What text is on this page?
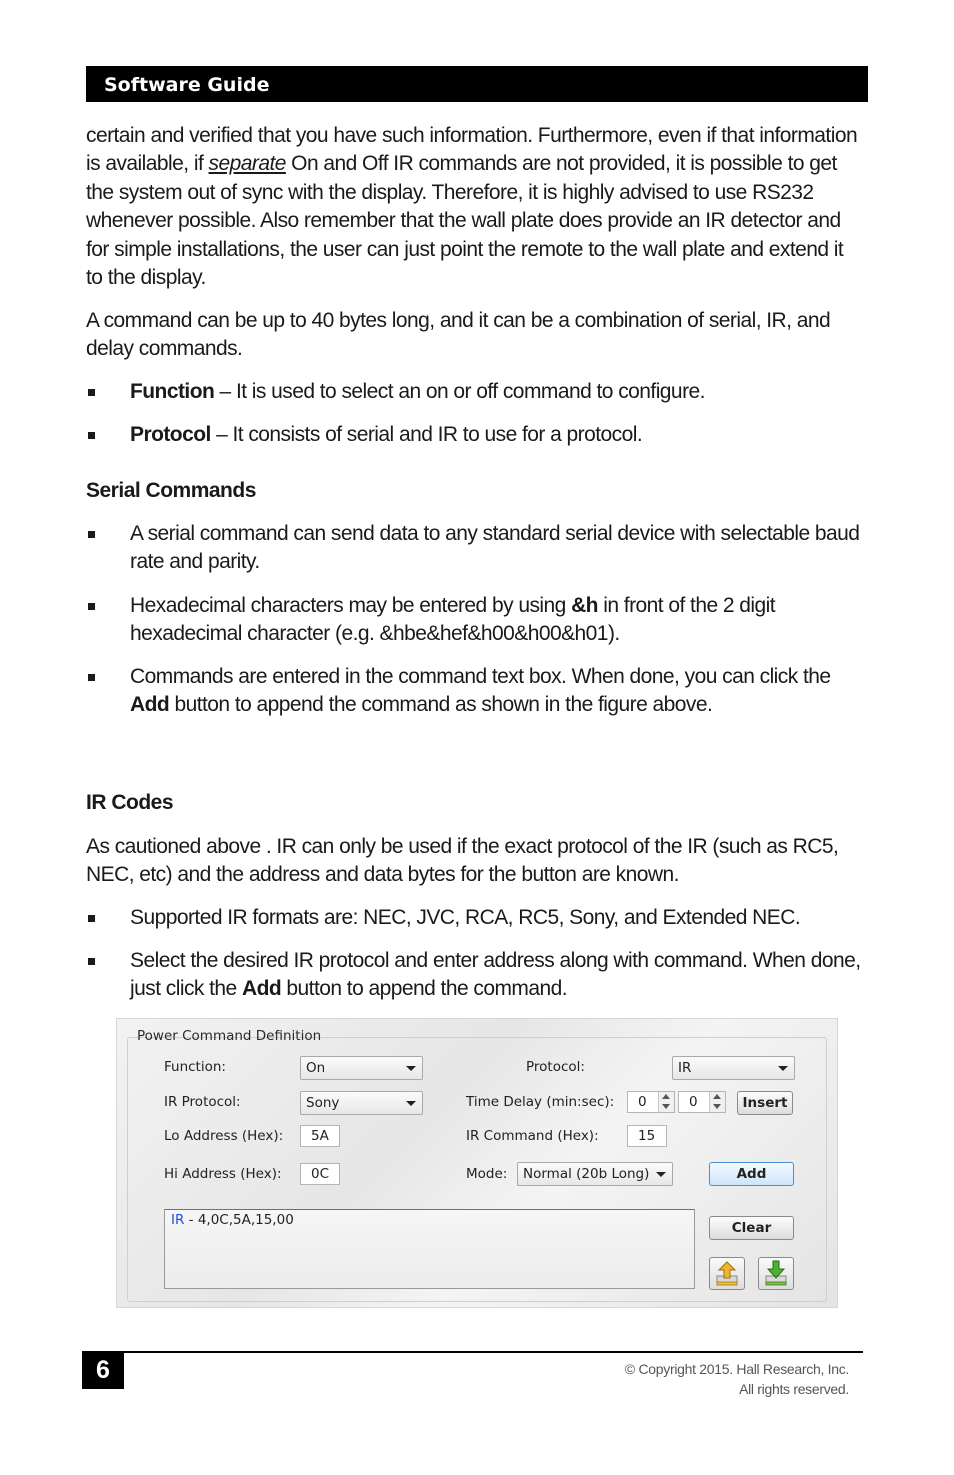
Software Guide

certain and verified that you have such information. Furthermore, even if that information is available, if separate On and Off IR commands are not provided, it is possible to get the system out of sync with the display. Therefore, it is highly advised to use RS232 whenever possible. Also remember that the wall plate does provide an IR detector and for simple installations, the user can just point the remote to the wall plate and extend it to the display.

A command can be up to 40 bytes long, and it can be a combination of serial, IR, and delay commands.

Function – It is used to select an on or off command to configure.
Protocol – It consists of serial and IR to use for a protocol.

Serial Commands

A serial command can send data to any standard serial device with selectable baud rate and parity.
Hexadecimal characters may be entered by using &h in front of the 2 digit hexadecimal character (e.g. &hbe&hef&h00&h00&h01).
Commands are entered in the command text box. When done, you can click the Add button to append the command as shown in the figure above.

IR Codes

As cautioned above . IR can only be used if the exact protocol of the IR (such as RC5, NEC, etc) and the address and data bytes for the button are known.

Supported IR formats are: NEC, JVC, RCA, RC5, Sony, and Extended NEC.
Select the desired IR protocol and enter address along with command. When done, just click the Add button to append the command.
Power Command Definition
Function:	On	Protocol:	IR
IR Protocol:	Sony	Time Delay (min:sec):	0	0	Insert
Lo Address (Hex):	5A	IR Command (Hex):	15
Hi Address (Hex):	0C	Mode:	Normal (20b Long)	Add
IR - 4,0C,5A,15,00	Clear
6	© Copyright 2015. Hall Research, Inc.
All rights reserved.
